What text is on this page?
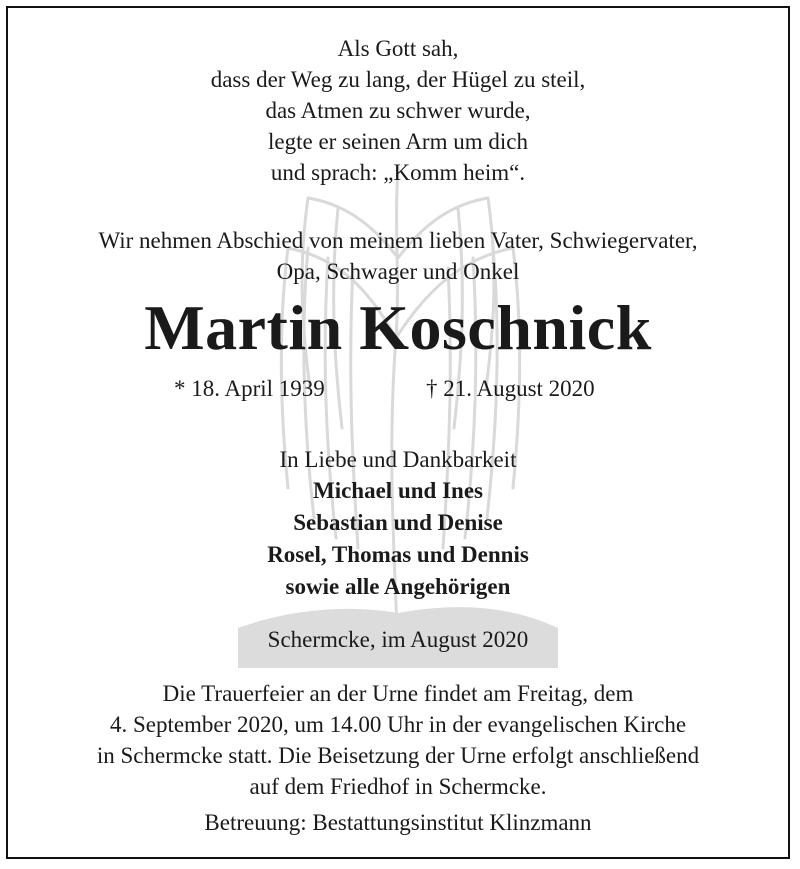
Als Gott sah,
dass der Weg zu lang, der Hügel zu steil,
das Atmen zu schwer wurde,
legte er seinen Arm um dich
und sprach: „Komm heim“.
Wir nehmen Abschied von meinem lieben Vater, Schwiegervater,
Opa, Schwager und Onkel
Martin Koschnick
* 18. April 1939	† 21. August 2020
In Liebe und Dankbarkeit
Michael und Ines
Sebastian und Denise
Rosel, Thomas und Dennis
sowie alle Angehörigen
Schermcke, im August 2020
Die Trauerfeier an der Urne findet am Freitag, dem
4. September 2020, um 14.00 Uhr in der evangelischen Kirche
in Schermcke statt. Die Beisetzung der Urne erfolgt anschließend
auf dem Friedhof in Schermcke.
Betreuung: Bestattungsinstitut Klinzmann
